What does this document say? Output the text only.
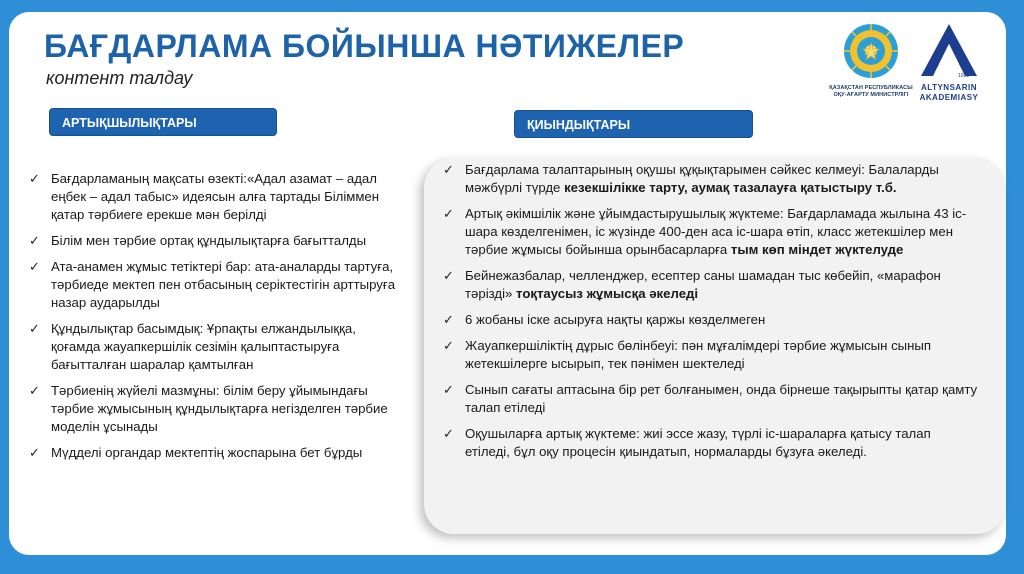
БАҒДАРЛАМА БОЙЫНША НӘТИЖЕЛЕР
контент талдау	ҚАЗАҚСТАН РЕСПУБЛИКАСЫ
ОҚУ-АҒАРТУ МИНИСТРЛІГІ
1921
ALTYNSARIN
AKADEMIASY
АРТЫҚШЫЛЫҚТАРЫ	ҚИЫНДЫҚТАРЫ
✓ Бағдарламаның мақсаты өзекті:«Адал азамат – адал еңбек – адал табыс» идеясын алға тартады Біліммен қатар тәрбиеге ерекше мән берілді
✓ Білім мен тәрбие ортақ құндылықтарға бағытталды
✓ Ата-анамен жұмыс тетіктері бар: ата-аналарды тартуға, тәрбиеде мектеп пен отбасының серіктестігін арттыруға назар аударылды
✓ Құндылықтар басымдық: Ұрпақты елжандылыққа, қоғамда жауапкершілік сезімін қалыптастыруға бағытталған шаралар қамтылған
✓ Тәрбиенің жүйелі мазмұны: білім беру ұйымындағы тәрбие жұмысының құндылықтарға негізделген тәрбие моделін ұсынады
✓ Мүдделі органдар мектептің жоспарына бет бұрды
✓ Бағдарлама талаптарының оқушы құқықтарымен сәйкес келмеуі: Балаларды мәжбүрлі түрде кезекшілікке тарту, аумақ тазалауға қатыстыру т.б.
✓ Артық әкімшілік және ұйымдастырушылық жүктеме: Бағдарламада жылына 43 іс-шара көзделгенімен, іс жүзінде 400-ден аса іс-шара өтіп, класс жетекшілер мен тәрбие жұмысы бойынша орынбасарларға тым көп міндет жүктелуде
✓ Бейнежазбалар, челленджер, есептер саны шамадан тыс көбейіп, «марафон тәрізді» тоқтаусыз жұмысқа әкеледі
✓ 6 жобаны іске асыруға нақты қаржы көзделмеген
✓ Жауапкершіліктің дұрыс бөлінбеуі: пән мұғалімдері тәрбие жұмысын сынып жетекшілерге ысырып, тек пәнімен шектеледі
✓ Сынып сағаты аптасына бір рет болғанымен, онда бірнеше тақырыпты қатар қамту талап етіледі
✓ Оқушыларға артық жүктеме: жиі эссе жазу, түрлі іс-шараларға қатысу талап етіледі, бұл оқу процесін қиындатып, нормаларды бұзуға әкеледі.
